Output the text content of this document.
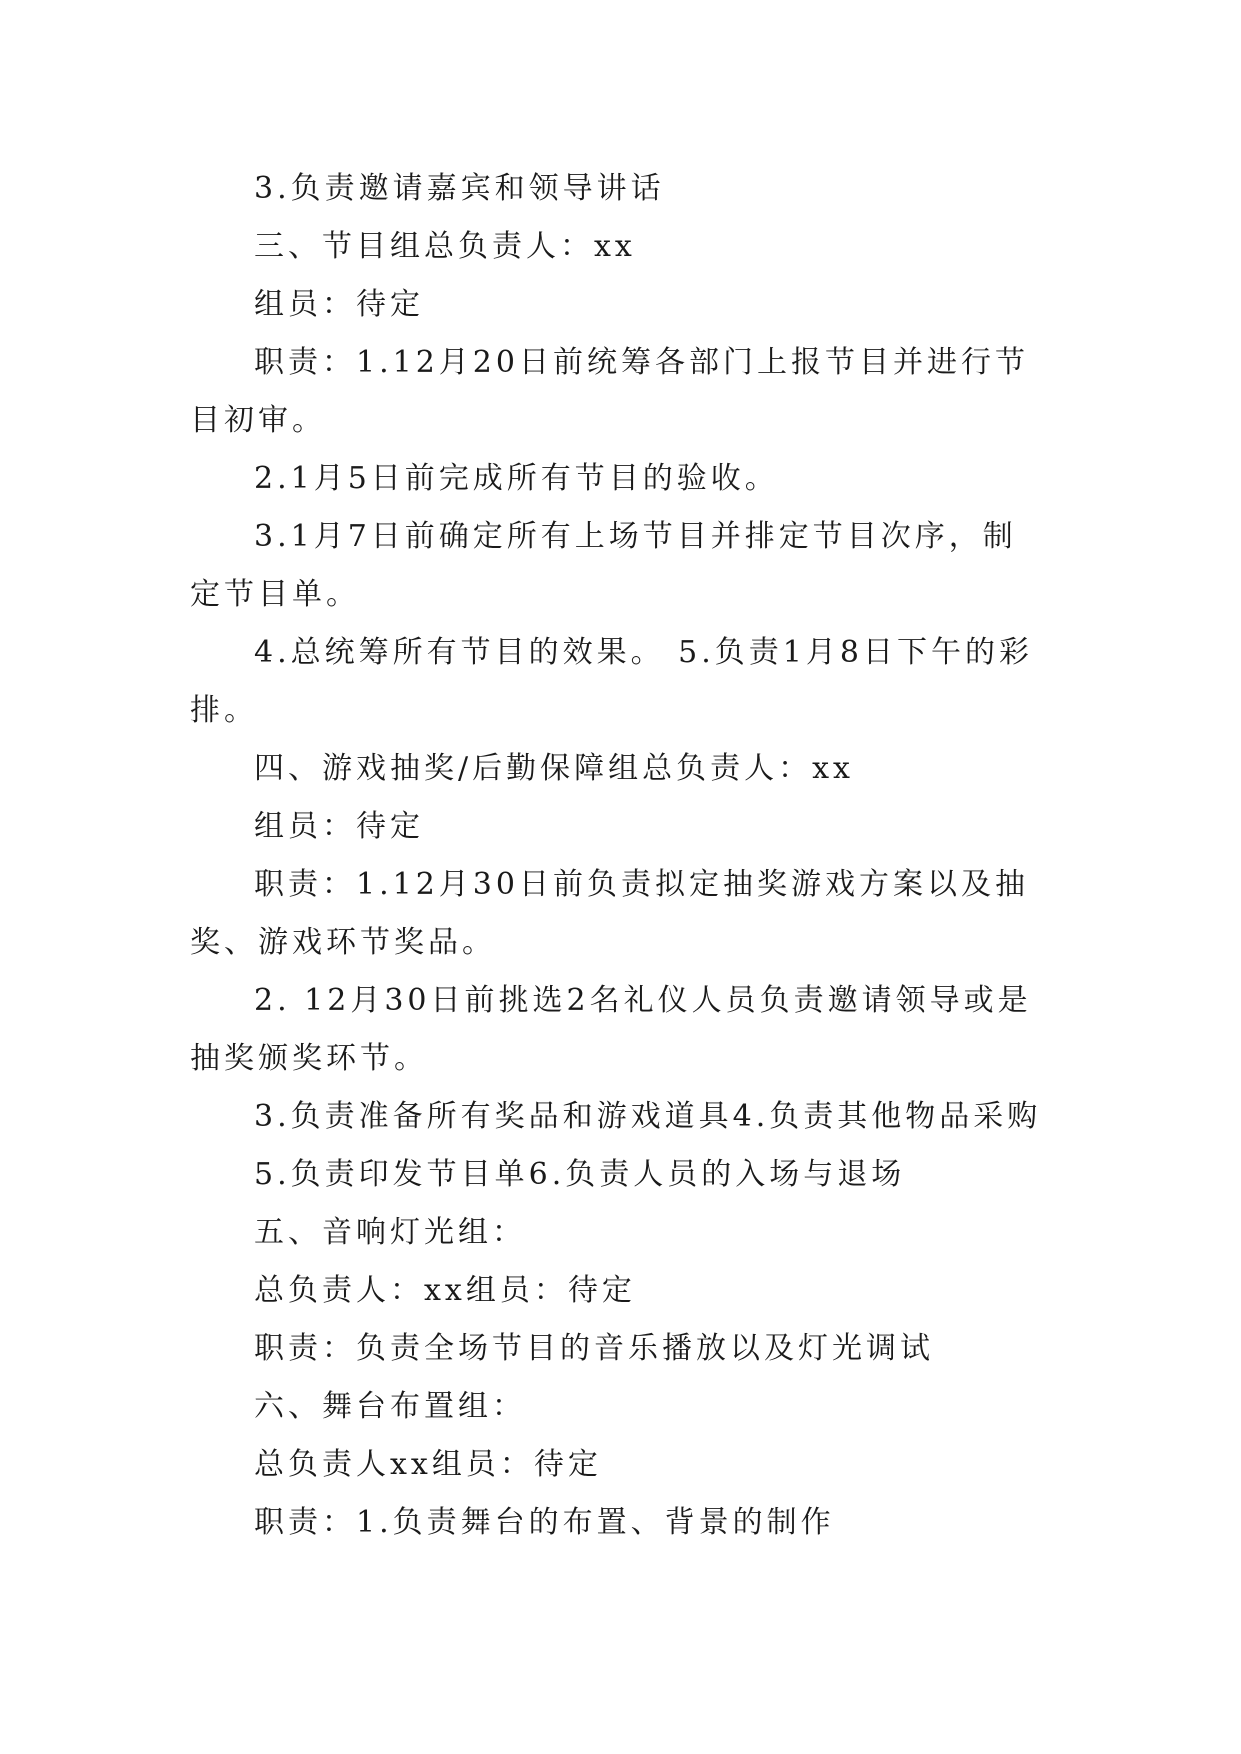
3.负责邀请嘉宾和领导讲话

三、节目组总负责人：xx

组员：待定

职责：1.12月20日前统筹各部门上报节目并进行节目初审。

2.1月5日前完成所有节目的验收。

3.1月7日前确定所有上场节目并排定节目次序，制定节目单。

4.总统筹所有节目的效果。 5.负责1月8日下午的彩排。

四、游戏抽奖/后勤保障组总负责人：xx

组员：待定

职责：1.12月30日前负责拟定抽奖游戏方案以及抽奖、游戏环节奖品。

2. 12月30日前挑选2名礼仪人员负责邀请领导或是抽奖颁奖环节。

3.负责准备所有奖品和游戏道具4.负责其他物品采购

5.负责印发节目单6.负责人员的入场与退场

五、音响灯光组：

总负责人：xx组员：待定

职责：负责全场节目的音乐播放以及灯光调试

六、舞台布置组：

总负责人xx组员：待定

职责：1.负责舞台的布置、背景的制作
